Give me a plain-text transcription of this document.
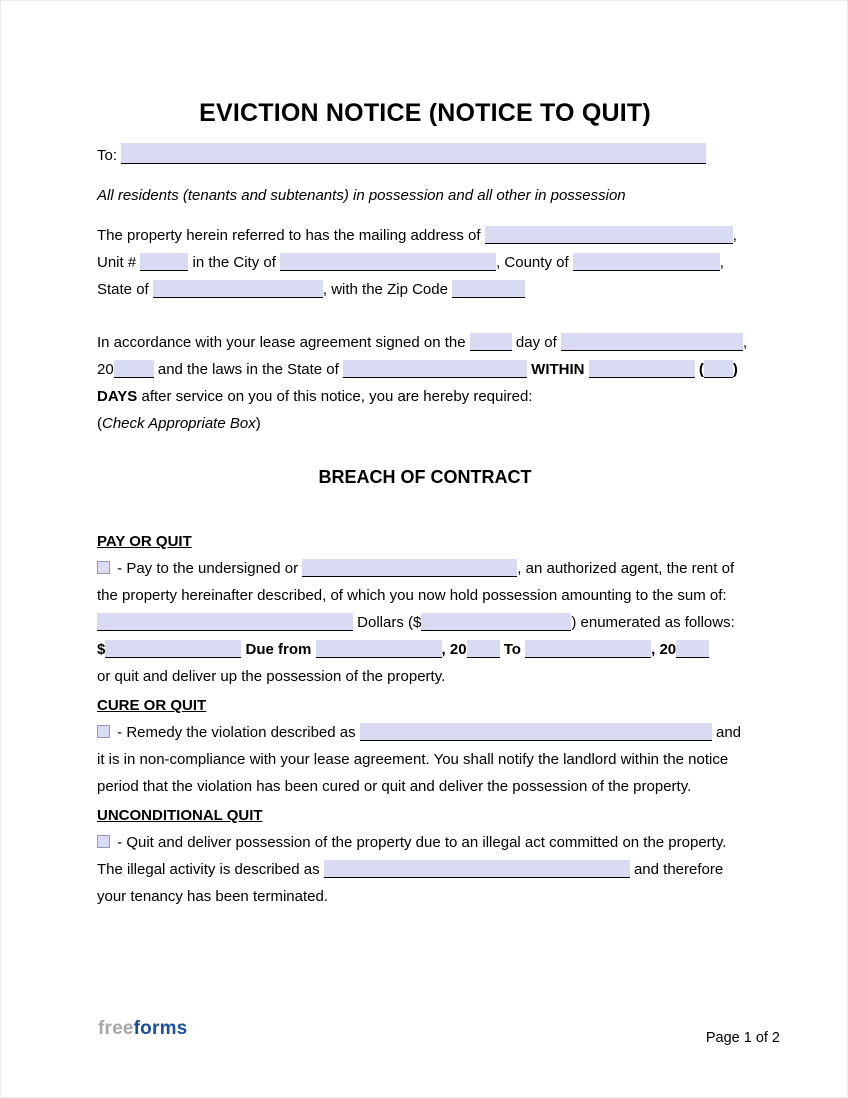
EVICTION NOTICE (NOTICE TO QUIT)
To:
All residents (tenants and subtenants) in possession and all other in possession
The property herein referred to has the mailing address of	,
Unit #	in the City of	, County of	,
State of	, with the Zip Code
In accordance with your lease agreement signed on the	day of	,
20	and the laws in the State of	WITHIN	( )
DAYS after service on you of this notice, you are hereby required:
(Check Appropriate Box)
BREACH OF CONTRACT
PAY OR QUIT
- Pay to the undersigned or	, an authorized agent, the rent of
the property hereinafter described, of which you now hold possession amounting to the sum of:
Dollars ($	) enumerated as follows:
$	Due from	, 20 To	, 20
or quit and deliver up the possession of the property.
CURE OR QUIT
- Remedy the violation described as	and
it is in non-compliance with your lease agreement. You shall notify the landlord within the notice
period that the violation has been cured or quit and deliver the possession of the property.
UNCONDITIONAL QUIT
- Quit and deliver possession of the property due to an illegal act committed on the property.
The illegal activity is described as	and therefore
your tenancy has been terminated.
freeforms	Page 1 of 2
